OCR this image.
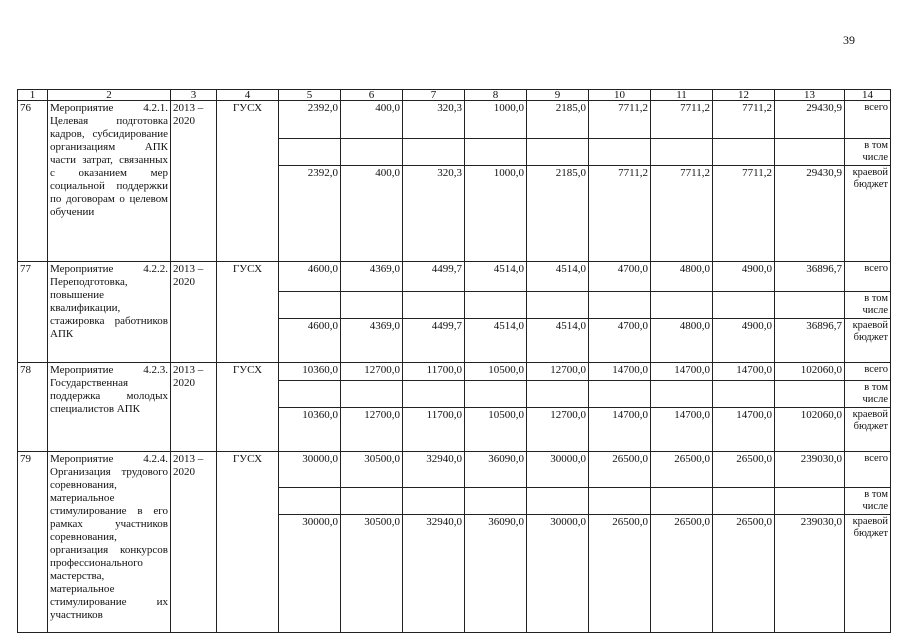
39
1	2	3	4	5	6	7	8	9	10	11	12	13	14
76	Мероприятие 4.2.1. Целевая подготовка кадров, субсидирование организациям АПК части затрат, связанных с оказанием мер социальной поддержки по договорам о целевом обучении	2013 – 2020	ГУСХ	2392,0	400,0	320,3	1000,0	2185,0	7711,2	7711,2	7711,2	29430,9	всего
													в том числе
				2392,0	400,0	320,3	1000,0	2185,0	7711,2	7711,2	7711,2	29430,9	краевой бюджет
77	Мероприятие 4.2.2. Переподготовка, повышение квалификации, стажировка работников АПК	2013 – 2020	ГУСХ	4600,0	4369,0	4499,7	4514,0	4514,0	4700,0	4800,0	4900,0	36896,7	всего
													в том числе
				4600,0	4369,0	4499,7	4514,0	4514,0	4700,0	4800,0	4900,0	36896,7	краевой бюджет
78	Мероприятие 4.2.3. Государственная поддержка молодых специалистов АПК	2013 – 2020	ГУСХ	10360,0	12700,0	11700,0	10500,0	12700,0	14700,0	14700,0	14700,0	102060,0	всего
													в том числе
				10360,0	12700,0	11700,0	10500,0	12700,0	14700,0	14700,0	14700,0	102060,0	краевой бюджет
79	Мероприятие 4.2.4. Организация трудового соревнования, материальное стимулирование в его рамках участников соревнования, организация конкурсов профессионального мастерства, материальное стимулирование их участников	2013 – 2020	ГУСХ	30000,0	30500,0	32940,0	36090,0	30000,0	26500,0	26500,0	26500,0	239030,0	всего
													в том числе
				30000,0	30500,0	32940,0	36090,0	30000,0	26500,0	26500,0	26500,0	239030,0	краевой бюджет
